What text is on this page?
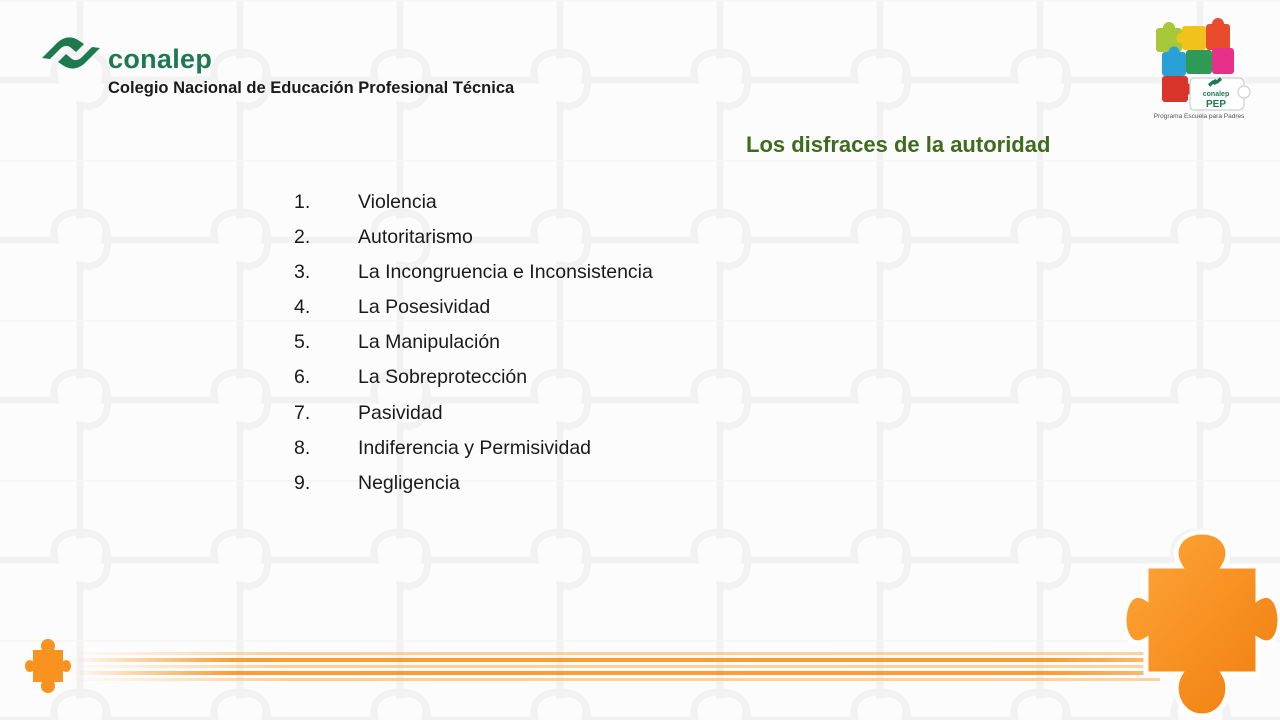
conalep
Colegio Nacional de Educación Profesional Técnica	conalep
PEP
Programa Escuela para Padres
Los disfraces de la autoridad
1.	Violencia
2.	Autoritarismo
3.	La Incongruencia e Inconsistencia
4.	La Posesividad
5.	La Manipulación
6.	La Sobreprotección
7.	Pasividad
8.	Indiferencia y Permisividad
9.	Negligencia
